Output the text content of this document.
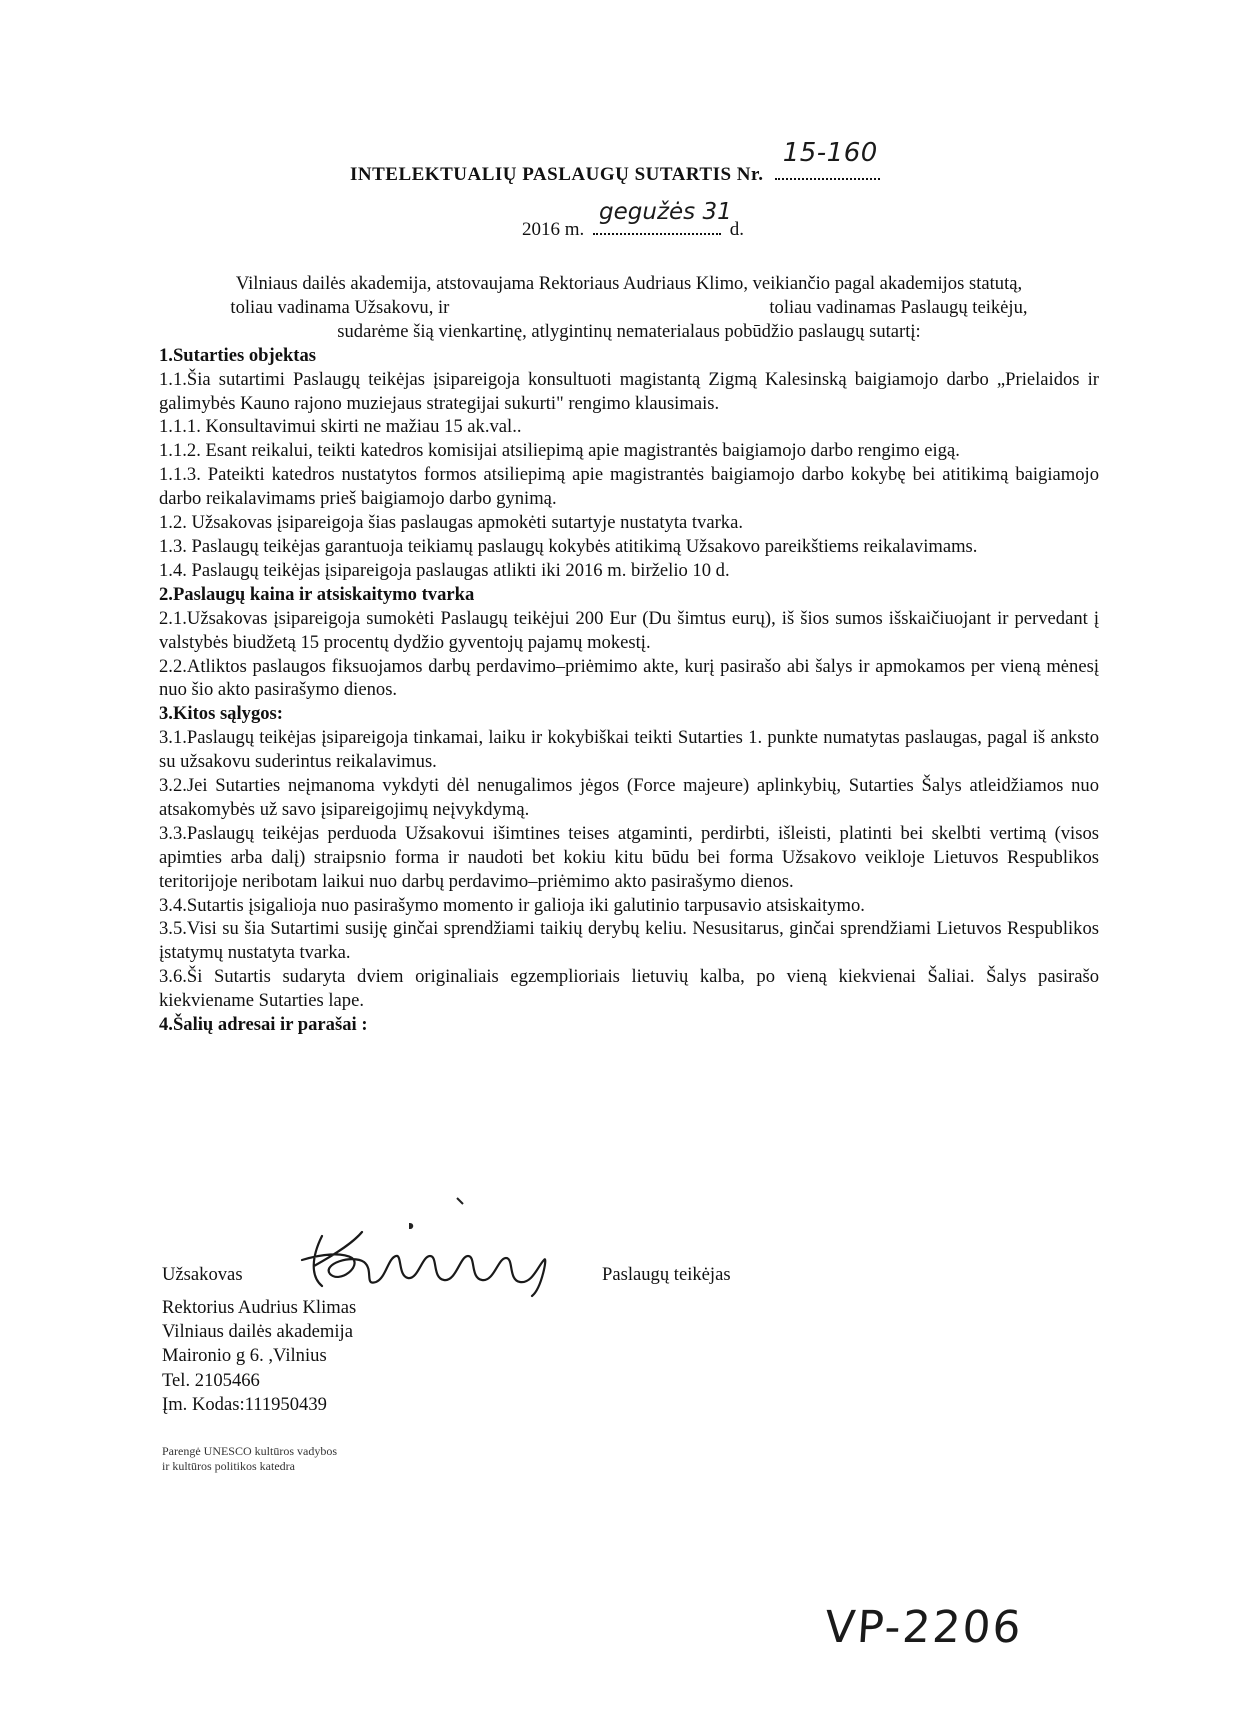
INTELEKTUALIŲ PASLAUGŲ SUTARTIS Nr.
15-160
2016 m.
gegužės 31
d.

Vilniaus dailės akademija, atstovaujama Rektoriaus Audriaus Klimo, veikiančio pagal akademijos statutą,

toliau vadinama Užsakovu, ir	toliau vadinamas Paslaugų teikėju,

sudarėme šią vienkartinę, atlygintinų nematerialaus pobūdžio paslaugų sutartį:

1.Sutarties objektas

1.1.Šia sutartimi Paslaugų teikėjas įsipareigoja konsultuoti magistantą Zigmą Kalesinską baigiamojo darbo „Prielaidos ir galimybės Kauno rajono muziejaus strategijai sukurti" rengimo klausimais.

1.1.1. Konsultavimui skirti ne mažiau 15 ak.val..

1.1.2. Esant reikalui, teikti katedros komisijai atsiliepimą apie magistrantės baigiamojo darbo rengimo eigą.

1.1.3. Pateikti katedros nustatytos formos atsiliepimą apie magistrantės baigiamojo darbo kokybę bei atitikimą baigiamojo darbo reikalavimams prieš baigiamojo darbo gynimą.

1.2. Užsakovas įsipareigoja šias paslaugas apmokėti sutartyje nustatyta tvarka.

1.3. Paslaugų teikėjas garantuoja teikiamų paslaugų kokybės atitikimą Užsakovo pareikštiems reikalavimams.

1.4. Paslaugų teikėjas įsipareigoja paslaugas atlikti iki 2016 m. birželio 10 d.

2.Paslaugų kaina ir atsiskaitymo tvarka

2.1.Užsakovas įsipareigoja sumokėti Paslaugų teikėjui 200 Eur (Du šimtus eurų), iš šios sumos išskaičiuojant ir pervedant į valstybės biudžetą 15 procentų dydžio gyventojų pajamų mokestį.

2.2.Atliktos paslaugos fiksuojamos darbų perdavimo–priėmimo akte, kurį pasirašo abi šalys ir apmokamos per vieną mėnesį nuo šio akto pasirašymo dienos.

3.Kitos sąlygos:

3.1.Paslaugų teikėjas įsipareigoja tinkamai, laiku ir kokybiškai teikti Sutarties 1. punkte numatytas paslaugas, pagal iš anksto su užsakovu suderintus reikalavimus.

3.2.Jei Sutarties neįmanoma vykdyti dėl nenugalimos jėgos (Force majeure) aplinkybių, Sutarties Šalys atleidžiamos nuo atsakomybės už savo įsipareigojimų neįvykdymą.

3.3.Paslaugų teikėjas perduoda Užsakovui išimtines teises atgaminti, perdirbti, išleisti, platinti bei skelbti vertimą (visos apimties arba dalį) straipsnio forma ir naudoti bet kokiu kitu būdu bei forma Užsakovo veikloje Lietuvos Respublikos teritorijoje neribotam laikui nuo darbų perdavimo–priėmimo akto pasirašymo dienos.

3.4.Sutartis įsigalioja nuo pasirašymo momento ir galioja iki galutinio tarpusavio atsiskaitymo.

3.5.Visi su šia Sutartimi susiję ginčai sprendžiami taikių derybų keliu. Nesusitarus, ginčai sprendžiami Lietuvos Respublikos įstatymų nustatyta tvarka.

3.6.Ši Sutartis sudaryta dviem originaliais egzemplioriais lietuvių kalba, po vieną kiekvienai Šaliai. Šalys pasirašo kiekviename Sutarties lape.

4.Šalių adresai ir parašai :

Užsakovas	Paslaugų teikėjas
Rektorius Audrius Klimas
Vilniaus dailės akademija
Maironio g 6. ,Vilnius
Tel. 2105466
Įm. Kodas:111950439
Parengė UNESCO kultūros vadybos
ir kultūros politikos katedra
VP-2206
